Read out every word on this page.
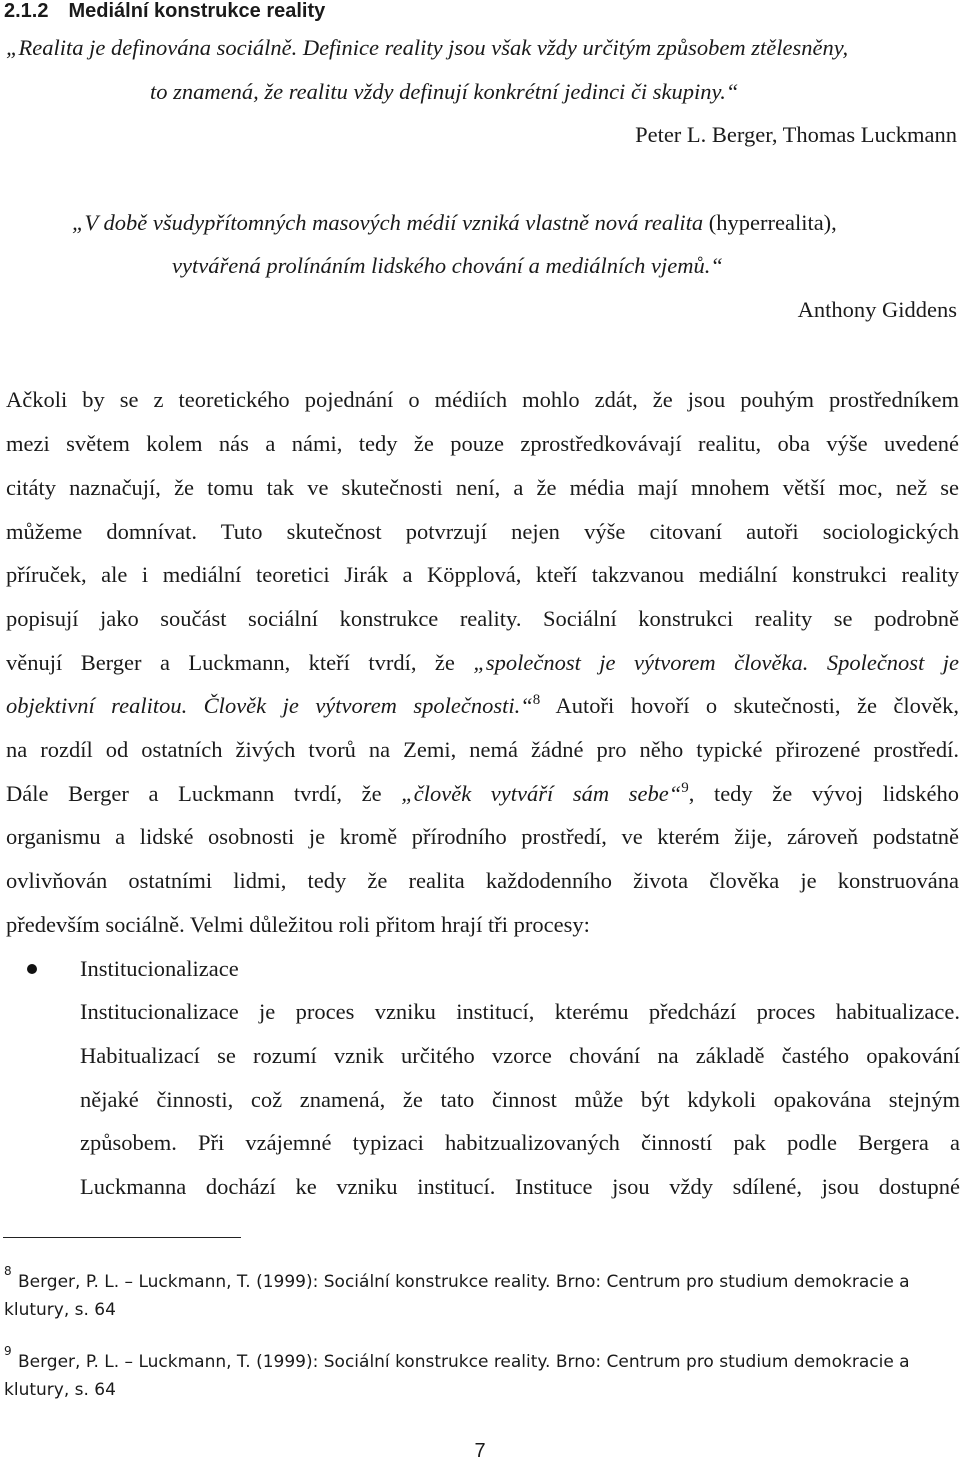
2.1.2 Mediální konstrukce reality
„Realita je definována sociálně. Definice reality jsou však vždy určitým způsobem ztělesněny,
to znamená, že realitu vždy definují konkrétní jedinci či skupiny.“
Peter L. Berger, Thomas Luckmann
„V době všudypřítomných masových médií vzniká vlastně nová realita (hyperrealita),
vytvářená prolínáním lidského chování a mediálních vjemů.“
Anthony Giddens
Ačkoli by se z teoretického pojednání o médiích mohlo zdát, že jsou pouhým prostředníkem
mezi světem kolem nás a námi, tedy že pouze zprostředkovávají realitu, oba výše uvedené
citáty naznačují, že tomu tak ve skutečnosti není, a že média mají mnohem větší moc, než se
můžeme domnívat. Tuto skutečnost potvrzují nejen výše citovaní autoři sociologických
příruček, ale i mediální teoretici Jirák a Köpplová, kteří takzvanou mediální konstrukci reality
popisují jako součást sociální konstrukce reality. Sociální konstrukci reality se podrobně
věnují Berger a Luckmann, kteří tvrdí, že „společnost je výtvorem člověka. Společnost je
objektivní realitou. Člověk je výtvorem společnosti.“$^8$ Autoři hovoří o skutečnosti, že člověk,
na rozdíl od ostatních živých tvorů na Zemi, nemá žádné pro něho typické přirozené prostředí.
Dále Berger a Luckmann tvrdí, že „člověk vytváří sám sebe“$^9$, tedy že vývoj lidského
organismu a lidské osobnosti je kromě přírodního prostředí, ve kterém žije, zároveň podstatně
ovlivňován ostatními lidmi, tedy že realita každodenního života člověka je konstruována
především sociálně. Velmi důležitou roli přitom hrají tři procesy:
Institucionalizace
Institucionalizace je proces vzniku institucí, kterému předchází proces habitualizace.
Habitualizací se rozumí vznik určitého vzorce chování na základě častého opakování
nějaké činnosti, což znamená, že tato činnost může být kdykoli opakována stejným
způsobem. Při vzájemné typizaci habitzualizovaných činností pak podle Bergera a
Luckmanna dochází ke vzniku institucí. Instituce jsou vždy sdílené, jsou dostupné
8
Berger, P. L. – Luckmann, T. (1999): Sociální konstrukce reality. Brno: Centrum pro studium demokracie a
klutury, s. 64
9
Berger, P. L. – Luckmann, T. (1999): Sociální konstrukce reality. Brno: Centrum pro studium demokracie a
klutury, s. 64
7
